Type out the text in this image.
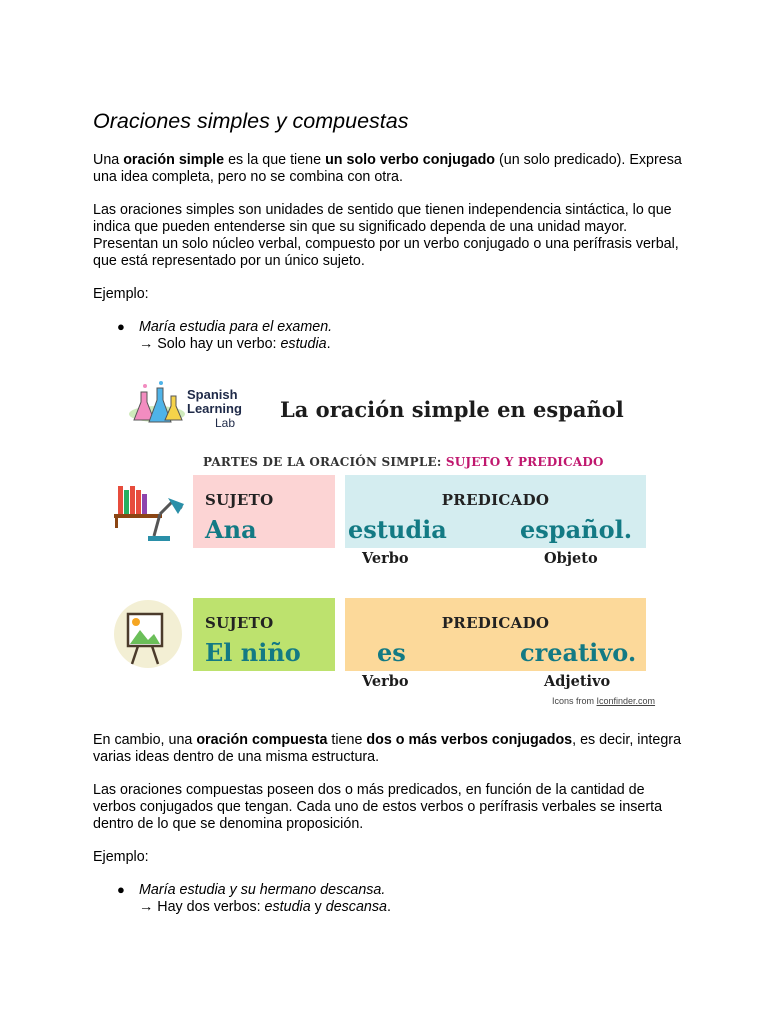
Oraciones simples y compuestas

Una oración simple es la que tiene un solo verbo conjugado (un solo predicado). Expresa una idea completa, pero no se combina con otra.

Las oraciones simples son unidades de sentido que tienen independencia sintáctica, lo que indica que pueden entenderse sin que su significado dependa de una unidad mayor. Presentan un solo núcleo verbal, compuesto por un verbo conjugado o una perífrasis verbal, que está representado por un único sujeto.

Ejemplo:

● María estudia para el examen.
→ Solo hay un verbo: estudia.
Spanish Learning
Lab
La oración simple en español
PARTES DE LA ORACIÓN SIMPLE: SUJETO Y PREDICADO
SUJETO
Ana
PREDICADO
estudia	español.
Verbo	Objeto
SUJETO
El niño
PREDICADO
es	creativo.
Verbo	Adjetivo
Icons from Iconfinder.com

En cambio, una oración compuesta tiene dos o más verbos conjugados, es decir, integra varias ideas dentro de una misma estructura.

Las oraciones compuestas poseen dos o más predicados, en función de la cantidad de verbos conjugados que tengan. Cada uno de estos verbos o perífrasis verbales se inserta dentro de lo que se denomina proposición.

Ejemplo:

● María estudia y su hermano descansa.
→ Hay dos verbos: estudia y descansa.
